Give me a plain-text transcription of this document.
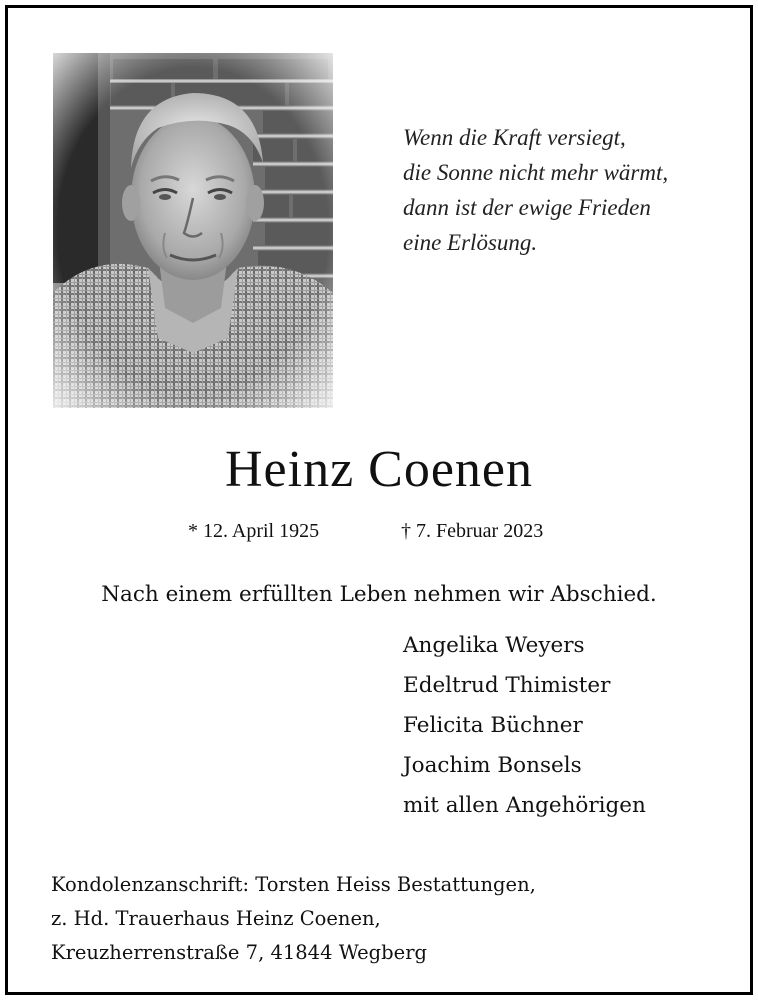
Wenn die Kraft versiegt,
die Sonne nicht mehr wärmt,
dann ist der ewige Frieden
eine Erlösung.
Heinz Coenen
* 12. April 1925	† 7. Februar 2023
Nach einem erfüllten Leben nehmen wir Abschied.
Angelika Weyers
Edeltrud Thimister
Felicita Büchner
Joachim Bonsels
mit allen Angehörigen
Kondolenzanschrift: Torsten Heiss Bestattungen,
z. Hd. Trauerhaus Heinz Coenen,
Kreuzherrenstraße 7, 41844 Wegberg
